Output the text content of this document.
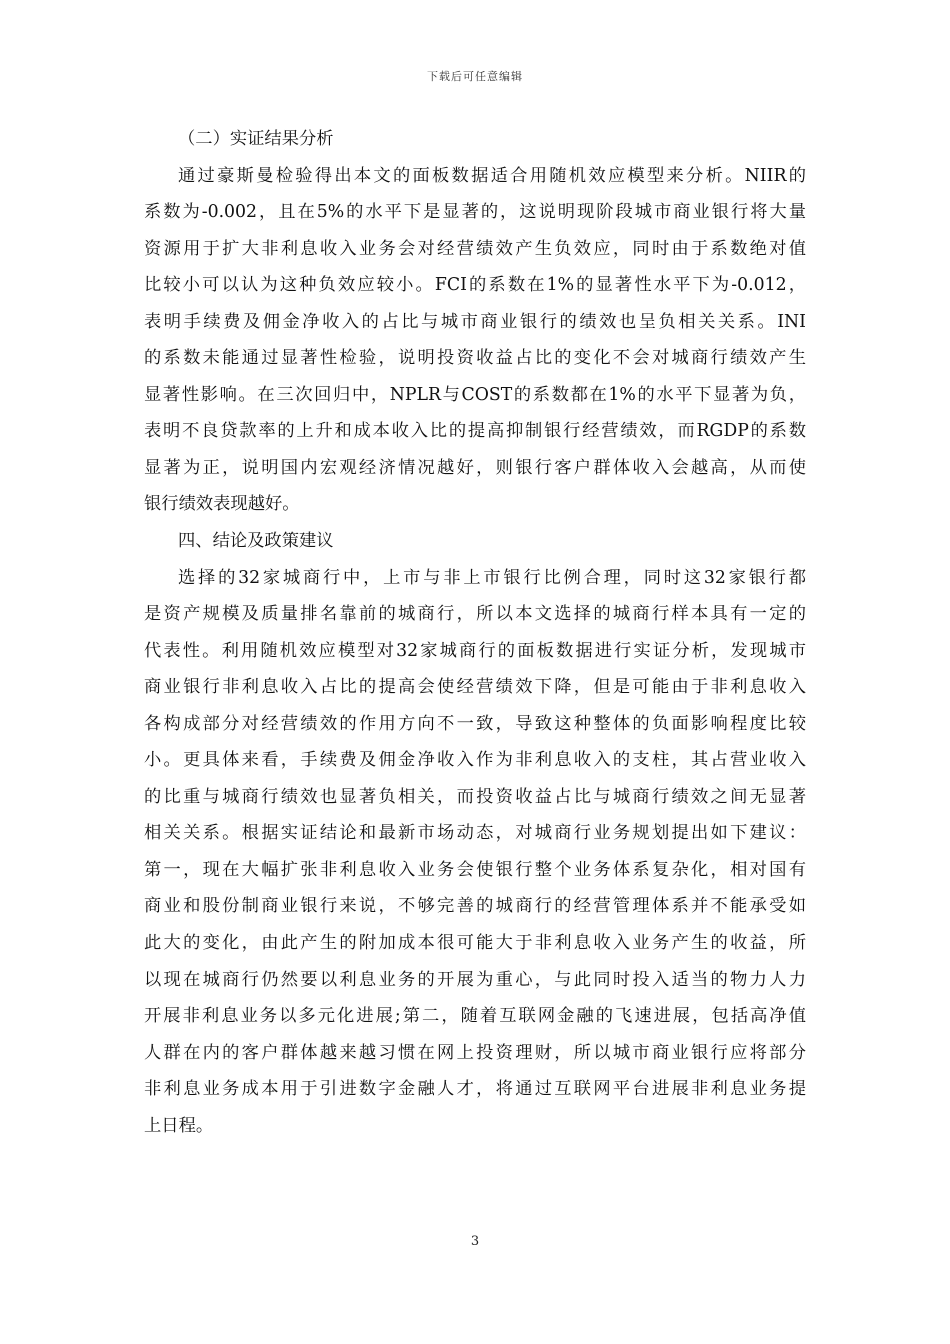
下载后可任意编辑
（二）实证结果分析
通过豪斯曼检验得出本文的面板数据适合用随机效应模型来分析。NIIR的
系数为-0.002，且在5%的水平下是显著的，这说明现阶段城市商业银行将大量
资源用于扩大非利息收入业务会对经营绩效产生负效应，同时由于系数绝对值
比较小可以认为这种负效应较小。FCI的系数在1%的显著性水平下为-0.012，
表明手续费及佣金净收入的占比与城市商业银行的绩效也呈负相关关系。INI
的系数未能通过显著性检验，说明投资收益占比的变化不会对城商行绩效产生
显著性影响。在三次回归中，NPLR与COST的系数都在1%的水平下显著为负，
表明不良贷款率的上升和成本收入比的提高抑制银行经营绩效，而RGDP的系数
显著为正，说明国内宏观经济情况越好，则银行客户群体收入会越高，从而使
银行绩效表现越好。
四、结论及政策建议
选择的32家城商行中，上市与非上市银行比例合理，同时这32家银行都
是资产规模及质量排名靠前的城商行，所以本文选择的城商行样本具有一定的
代表性。利用随机效应模型对32家城商行的面板数据进行实证分析，发现城市
商业银行非利息收入占比的提高会使经营绩效下降，但是可能由于非利息收入
各构成部分对经营绩效的作用方向不一致，导致这种整体的负面影响程度比较
小。更具体来看，手续费及佣金净收入作为非利息收入的支柱，其占营业收入
的比重与城商行绩效也显著负相关，而投资收益占比与城商行绩效之间无显著
相关关系。根据实证结论和最新市场动态，对城商行业务规划提出如下建议：
第一，现在大幅扩张非利息收入业务会使银行整个业务体系复杂化，相对国有
商业和股份制商业银行来说，不够完善的城商行的经营管理体系并不能承受如
此大的变化，由此产生的附加成本很可能大于非利息收入业务产生的收益，所
以现在城商行仍然要以利息业务的开展为重心，与此同时投入适当的物力人力
开展非利息业务以多元化进展;第二，随着互联网金融的飞速进展，包括高净值
人群在内的客户群体越来越习惯在网上投资理财，所以城市商业银行应将部分
非利息业务成本用于引进数字金融人才，将通过互联网平台进展非利息业务提
上日程。
3
